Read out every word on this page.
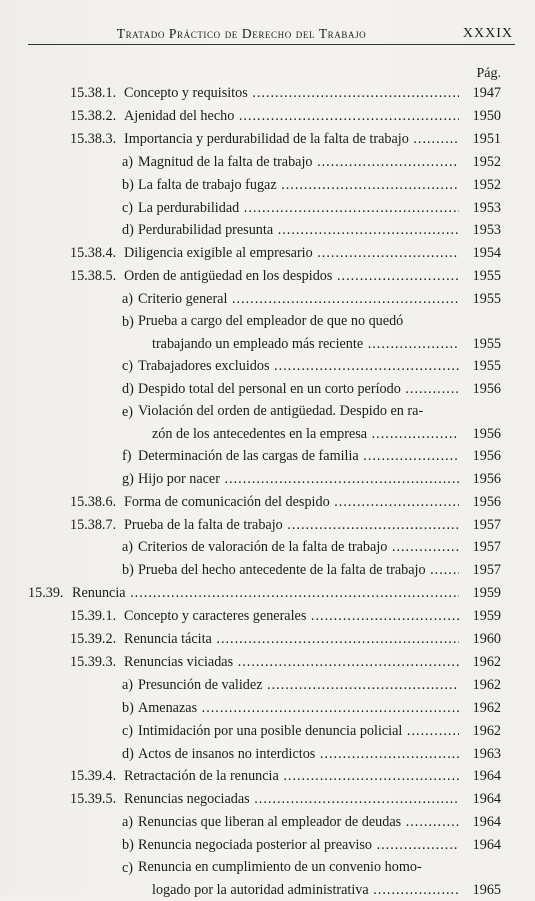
Tratado Práctico de Derecho del Trabajo	XXXIX
Pág.
15.38.1. Concepto y requisitos .....	1947
15.38.2. Ajenidad del hecho .....	1950
15.38.3. Importancia y perdurabilidad de la falta de trabajo .....	1951
a) Magnitud de la falta de trabajo .....	1952
b) La falta de trabajo fugaz .....	1952
c) La perdurabilidad .....	1953
d) Perdurabilidad presunta .....	1953
15.38.4. Diligencia exigible al empresario .....	1954
15.38.5. Orden de antigüedad en los despidos .....	1955
a) Criterio general .....	1955
b) Prueba a cargo del empleador de que no quedó
trabajando un empleado más reciente .....	1955
c) Trabajadores excluidos .....	1955
d) Despido total del personal en un corto período .....	1956
e) Violación del orden de antigüedad. Despido en ra-
zón de los antecedentes en la empresa .....	1956
f) Determinación de las cargas de familia .....	1956
g) Hijo por nacer .....	1956
15.38.6. Forma de comunicación del despido .....	1956
15.38.7. Prueba de la falta de trabajo .....	1957
a) Criterios de valoración de la falta de trabajo .....	1957
b) Prueba del hecho antecedente de la falta de trabajo .....	1957
15.39. Renuncia .....	1959
15.39.1. Concepto y caracteres generales .....	1959
15.39.2. Renuncia tácita .....	1960
15.39.3. Renuncias viciadas .....	1962
a) Presunción de validez .....	1962
b) Amenazas .....	1962
c) Intimidación por una posible denuncia policial .....	1962
d) Actos de insanos no interdictos .....	1963
15.39.4. Retractación de la renuncia .....	1964
15.39.5. Renuncias negociadas .....	1964
a) Renuncias que liberan al empleador de deudas .....	1964
b) Renuncia negociada posterior al preaviso .....	1964
c) Renuncia en cumplimiento de un convenio homo-
logado por la autoridad administrativa .....	1965
